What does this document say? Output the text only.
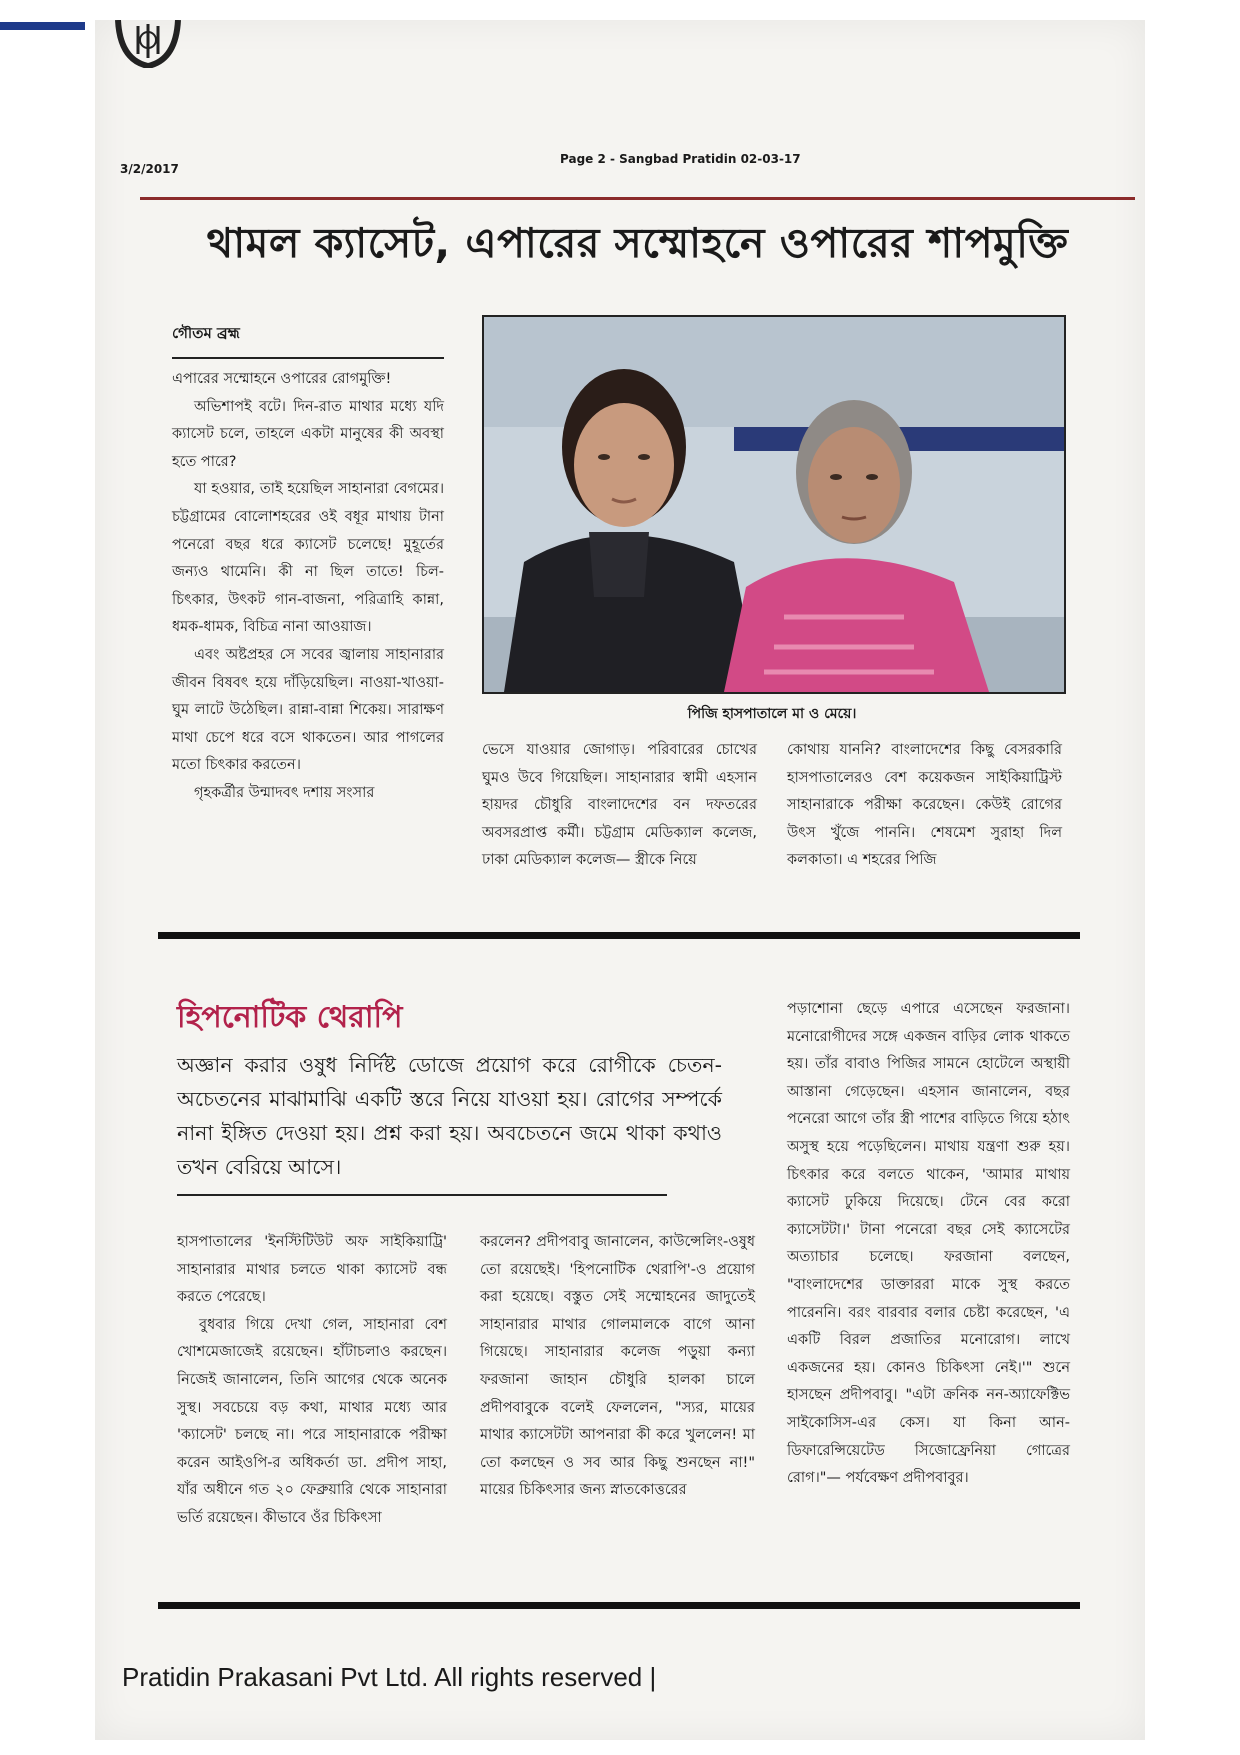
3/2/2017
Page 2 - Sangbad Pratidin 02-03-17
থামল ক্যাসেট, এপারের সম্মোহনে ওপারের শাপমুক্তি
গৌতম ব্রহ্ম

এপারের সম্মোহনে ওপারের রোগমুক্তি!

অভিশাপই বটে। দিন-রাত মাথার মধ্যে যদি ক্যাসেট চলে, তাহলে একটা মানুষের কী অবস্থা হতে পারে?

যা হওয়ার, তাই হয়েছিল সাহানারা বেগমের। চট্টগ্রামের বোলোশহরের ওই বধূর মাথায় টানা পনেরো বছর ধরে ক্যাসেট চলেছে! মুহূর্তের জন্যও থামেনি। কী না ছিল তাতে! চিল-চিৎকার, উৎকট গান-বাজনা, পরিত্রাহি কান্না, ধমক-ধামক, বিচিত্র নানা আওয়াজ।

এবং অষ্টপ্রহর সে সবের জ্বালায় সাহানারার জীবন বিষবৎ হয়ে দাঁড়িয়েছিল। নাওয়া-খাওয়া-ঘুম লাটে উঠেছিল। রান্না-বান্না শিকেয়। সারাক্ষণ মাথা চেপে ধরে বসে থাকতেন। আর পাগলের মতো চিৎকার করতেন।

গৃহকর্ত্রীর উন্মাদবৎ দশায় সংসার

পিজি হাসপাতালে মা ও মেয়ে।

ভেসে যাওয়ার জোগাড়। পরিবারের চোখের ঘুমও উবে গিয়েছিল। সাহানারার স্বামী এহসান হায়দর চৌধুরি বাংলাদেশের বন দফতরের অবসরপ্রাপ্ত কর্মী। চট্টগ্রাম মেডিক্যাল কলেজ, ঢাকা মেডিক্যাল কলেজ— স্ত্রীকে নিয়ে

কোথায় যাননি? বাংলাদেশের কিছু বেসরকারি হাসপাতালেরও বেশ কয়েকজন সাইকিয়াট্রিস্ট সাহানারাকে পরীক্ষা করেছেন। কেউই রোগের উৎস খুঁজে পাননি। শেষমেশ সুরাহা দিল কলকাতা। এ শহরের পিজি

হিপনোটিক থেরাপি
অজ্ঞান করার ওষুধ নির্দিষ্ট ডোজে প্রয়োগ করে রোগীকে চেতন-অচেতনের মাঝামাঝি একটি স্তরে নিয়ে যাওয়া হয়। রোগের সম্পর্কে নানা ইঙ্গিত দেওয়া হয়। প্রশ্ন করা হয়। অবচেতনে জমে থাকা কথাও তখন বেরিয়ে আসে।

পড়াশোনা ছেড়ে এপারে এসেছেন ফরজানা। মনোরোগীদের সঙ্গে একজন বাড়ির লোক থাকতে হয়। তাঁর বাবাও পিজির সামনে হোটেলে অস্থায়ী আস্তানা গেড়েছেন। এহসান জানালেন, বছর পনেরো আগে তাঁর স্ত্রী পাশের বাড়িতে গিয়ে হঠাৎ অসুস্থ হয়ে পড়েছিলেন। মাথায় যন্ত্রণা শুরু হয়। চিৎকার করে বলতে থাকেন, 'আমার মাথায় ক্যাসেট ঢুকিয়ে দিয়েছে। টেনে বের করো ক্যাসেটটা।' টানা পনেরো বছর সেই ক্যাসেটের অত্যাচার চলেছে। ফরজানা বলছেন, "বাংলাদেশের ডাক্তাররা মাকে সুস্থ করতে পারেননি। বরং বারবার বলার চেষ্টা করেছেন, 'এ একটি বিরল প্রজাতির মনোরোগ। লাখে একজনের হয়। কোনও চিকিৎসা নেই।'" শুনে হাসছেন প্রদীপবাবু। "এটা ক্রনিক নন-অ্যাফেক্টিভ সাইকোসিস-এর কেস। যা কিনা আন-ডিফারেন্সিয়েটেড সিজোফ্রেনিয়া গোত্রের রোগ।"— পর্যবেক্ষণ প্রদীপবাবুর।

হাসপাতালের 'ইনস্টিটিউট অফ সাইকিয়াট্রি' সাহানারার মাথার চলতে থাকা ক্যাসেট বন্ধ করতে পেরেছে।

বুধবার গিয়ে দেখা গেল, সাহানারা বেশ খোশমেজাজেই রয়েছেন। হাঁটাচলাও করছেন। নিজেই জানালেন, তিনি আগের থেকে অনেক সুস্থ। সবচেয়ে বড় কথা, মাথার মধ্যে আর 'ক্যাসেট' চলছে না। পরে সাহানারাকে পরীক্ষা করেন আইওপি-র অধিকর্তা ডা. প্রদীপ সাহা, যাঁর অধীনে গত ২০ ফেব্রুয়ারি থেকে সাহানারা ভর্তি রয়েছেন। কীভাবে ওঁর চিকিৎসা

করলেন? প্রদীপবাবু জানালেন, কাউন্সেলিং-ওষুধ তো রয়েছেই। 'হিপনোটিক থেরাপি'-ও প্রয়োগ করা হয়েছে। বস্তুত সেই সম্মোহনের জাদুতেই সাহানারার মাথার গোলমালকে বাগে আনা গিয়েছে। সাহানারার কলেজ পড়ুয়া কন্যা ফরজানা জাহান চৌধুরি হালকা চালে প্রদীপবাবুকে বলেই ফেললেন, "স্যর, মায়ের মাথার ক্যাসেটটা আপনারা কী করে খুললেন! মা তো কলছেন ও সব আর কিছু শুনছেন না!" মায়ের চিকিৎসার জন্য স্নাতকোত্তরের

Pratidin Prakasani Pvt Ltd. All rights reserved |
